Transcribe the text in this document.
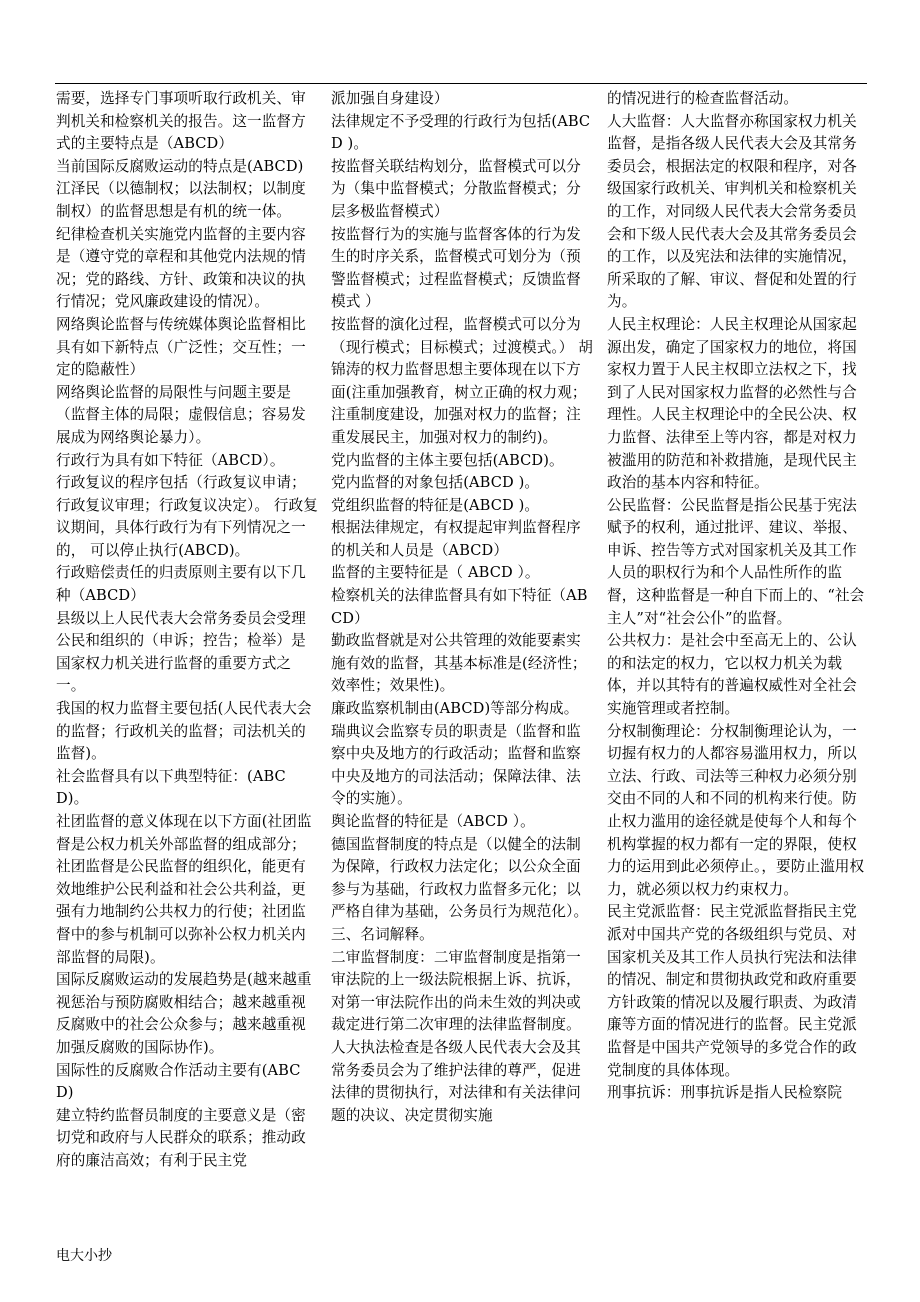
需要，选择专门事项听取行政机关、审判机关和检察机关的报告。这一监督方式的主要特点是（ABCD）

当前国际反腐败运动的特点是(ABCD)

江泽民（以德制权；以法制权；以制度制权）的监督思想是有机的统一体。

纪律检查机关实施党内监督的主要内容是（遵守党的章程和其他党内法规的情况；党的路线、方针、政策和决议的执行情况；党风廉政建设的情况）。

网络舆论监督与传统媒体舆论监督相比具有如下新特点（广泛性；交互性；一定的隐蔽性）

网络舆论监督的局限性与问题主要是（监督主体的局限；虚假信息；容易发展成为网络舆论暴力）。

行政行为具有如下特征（ABCD）。

行政复议的程序包括（行政复议申请；行政复议审理；行政复议决定）。 行政复议期间，具体行政行为有下列情况之一的， 可以停止执行(ABCD)。

行政赔偿责任的归责原则主要有以下几种（ABCD）

县级以上人民代表大会常务委员会受理公民和组织的（申诉；控告；检举）是国家权力机关进行监督的重要方式之一。

我国的权力监督主要包括(人民代表大会的监督；行政机关的监督；司法机关的监督)。

社会监督具有以下典型特征：(ABCD)。

社团监督的意义体现在以下方面(社团监督是公权力机关外部监督的组成部分；社团监督是公民监督的组织化，能更有效地维护公民利益和社会公共利益，更强有力地制约公共权力的行使；社团监督中的参与机制可以弥补公权力机关内部监督的局限)。

国际反腐败运动的发展趋势是(越来越重视惩治与预防腐败相结合；越来越重视反腐败中的社会公众参与；越来越重视加强反腐败的国际协作)。

国际性的反腐败合作活动主要有(ABCD)

建立特约监督员制度的主要意义是（密切党和政府与人民群众的联系；推动政府的廉洁高效；有利于民主党

派加强自身建设）

法律规定不予受理的行政行为包括(ABCD )。

按监督关联结构划分，监督模式可以分为（集中监督模式；分散监督模式；分层多极监督模式）

按监督行为的实施与监督客体的行为发生的时序关系，监督模式可划分为（预警监督模式；过程监督模式；反馈监督模式 ）

按监督的演化过程，监督模式可以分为（现行模式；目标模式；过渡模式。） 胡锦涛的权力监督思想主要体现在以下方面(注重加强教育，树立正确的权力观；注重制度建设，加强对权力的监督；注重发展民主，加强对权力的制约)。

党内监督的主体主要包括(ABCD)。

党内监督的对象包括(ABCD )。

党组织监督的特征是(ABCD )。

根据法律规定，有权提起审判监督程序的机关和人员是（ABCD）

监督的主要特征是（ ABCD ）。

检察机关的法律监督具有如下特征（ABCD）

勤政监督就是对公共管理的效能要素实施有效的监督，其基本标准是(经济性；效率性；效果性)。

廉政监察机制由(ABCD)等部分构成。

瑞典议会监察专员的职责是（监督和监察中央及地方的行政活动；监督和监察中央及地方的司法活动；保障法律、法令的实施）。

舆论监督的特征是（ABCD ）。

德国监督制度的特点是（以健全的法制为保障，行政权力法定化；以公众全面参与为基础，行政权力监督多元化；以严格自律为基础，公务员行为规范化）。

三、名词解释。

二审监督制度：二审监督制度是指第一审法院的上一级法院根据上诉、抗诉，对第一审法院作出的尚未生效的判决或裁定进行第二次审理的法律监督制度。

人大执法检查是各级人民代表大会及其常务委员会为了维护法律的尊严，促进法律的贯彻执行，对法律和有关法律问题的决议、决定贯彻实施

的情况进行的检查监督活动。

人大监督：人大监督亦称国家权力机关监督，是指各级人民代表大会及其常务委员会，根据法定的权限和程序，对各级国家行政机关、审判机关和检察机关的工作，对同级人民代表大会常务委员会和下级人民代表大会及其常务委员会的工作，以及宪法和法律的实施情况，所采取的了解、审议、督促和处置的行为。

人民主权理论：人民主权理论从国家起源出发，确定了国家权力的地位，将国家权力置于人民主权即立法权之下，找到了人民对国家权力监督的必然性与合理性。人民主权理论中的全民公决、权力监督、法律至上等内容，都是对权力被滥用的防范和补救措施，是现代民主政治的基本内容和特征。

公民监督：公民监督是指公民基于宪法赋予的权利，通过批评、建议、举报、申诉、控告等方式对国家机关及其工作人员的职权行为和个人品性所作的监督，这种监督是一种自下而上的、“社会主人”对“社会公仆”的监督。

公共权力：是社会中至高无上的、公认的和法定的权力，它以权力机关为载体，并以其特有的普遍权威性对全社会实施管理或者控制。

分权制衡理论：分权制衡理论认为，一切握有权力的人都容易滥用权力，所以立法、行政、司法等三种权力必须分别交由不同的人和不同的机构来行使。防止权力滥用的途径就是使每个人和每个机构掌握的权力都有一定的界限，使权力的运用到此必须停止。，要防止滥用权力，就必须以权力约束权力。

民主党派监督：民主党派监督指民主党派对中国共产党的各级组织与党员、对国家机关及其工作人员执行宪法和法律的情况、制定和贯彻执政党和政府重要方针政策的情况以及履行职责、为政清廉等方面的情况进行的监督。民主党派监督是中国共产党领导的多党合作的政党制度的具体体现。

刑事抗诉：刑事抗诉是指人民检察院

电大小抄
